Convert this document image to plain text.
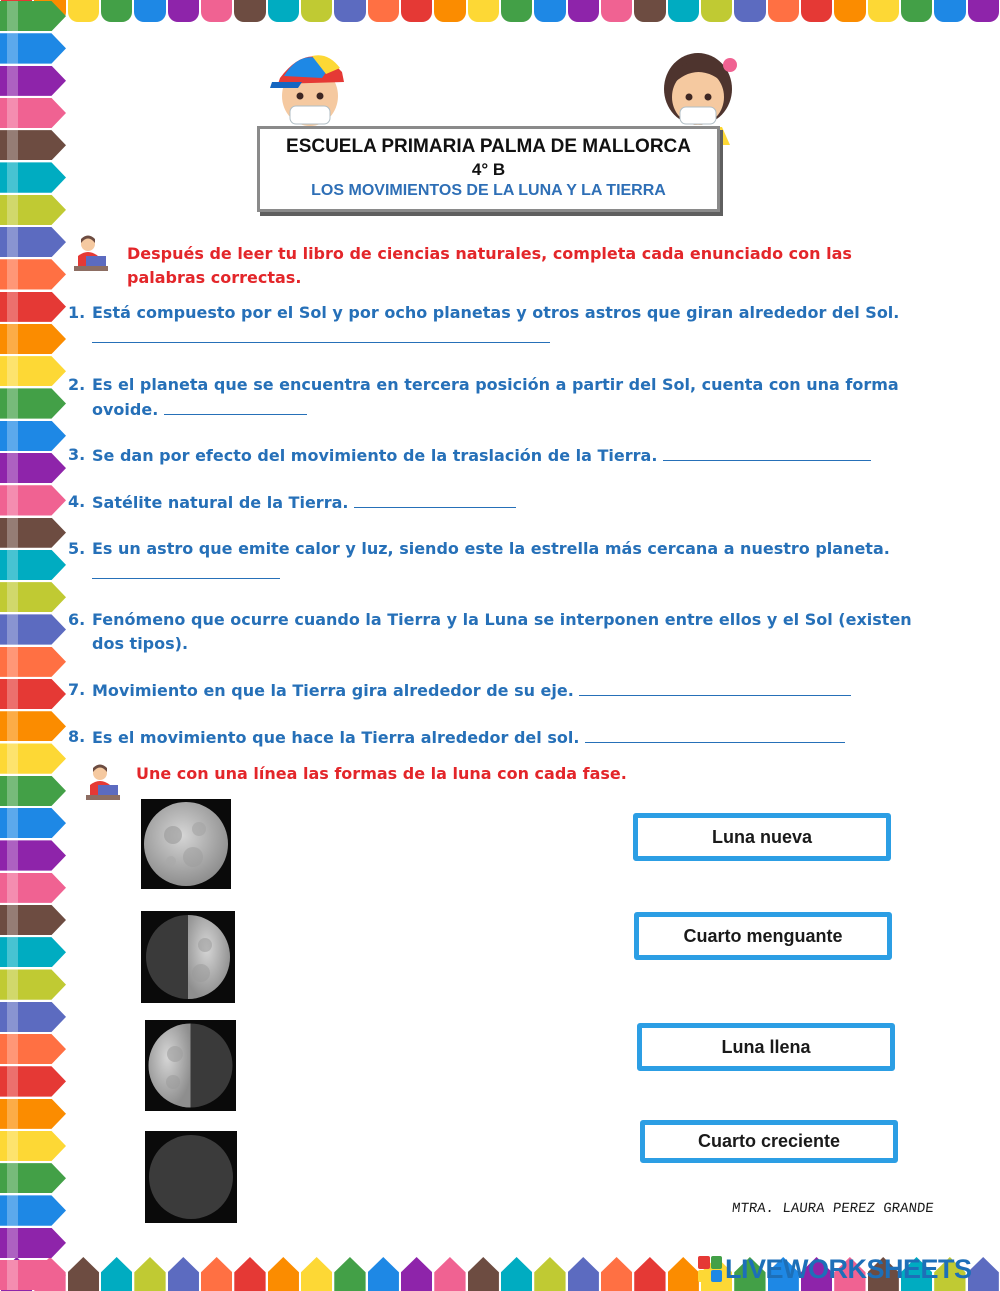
ESCUELA PRIMARIA PALMA DE MALLORCA
4° B
LOS MOVIMIENTOS DE LA LUNA Y LA TIERRA
Después de leer tu libro de ciencias naturales, completa cada enunciado con las palabras correctas.
1. Está compuesto por el Sol y por ocho planetas y otros astros que giran alrededor del Sol.

2. Es el planeta que se encuentra en tercera posición a partir del Sol, cuenta con una forma ovoide.
3. Se dan por efecto del movimiento de la traslación de la Tierra.
4. Satélite natural de la Tierra.
5. Es un astro que emite calor y luz, siendo este la estrella más cercana a nuestro planeta.

6. Fenómeno que ocurre cuando la Tierra y la Luna se interponen entre ellos y el Sol (existen dos tipos).
7. Movimiento en que la Tierra gira alrededor de su eje.
8. Es el movimiento que hace la Tierra alrededor del sol.
Une con una línea las formas de la luna con cada fase.
Luna nueva
Cuarto menguante
Luna llena
Cuarto creciente
MTRA. LAURA PEREZ GRANDE
LIVEWORKSHEETS
